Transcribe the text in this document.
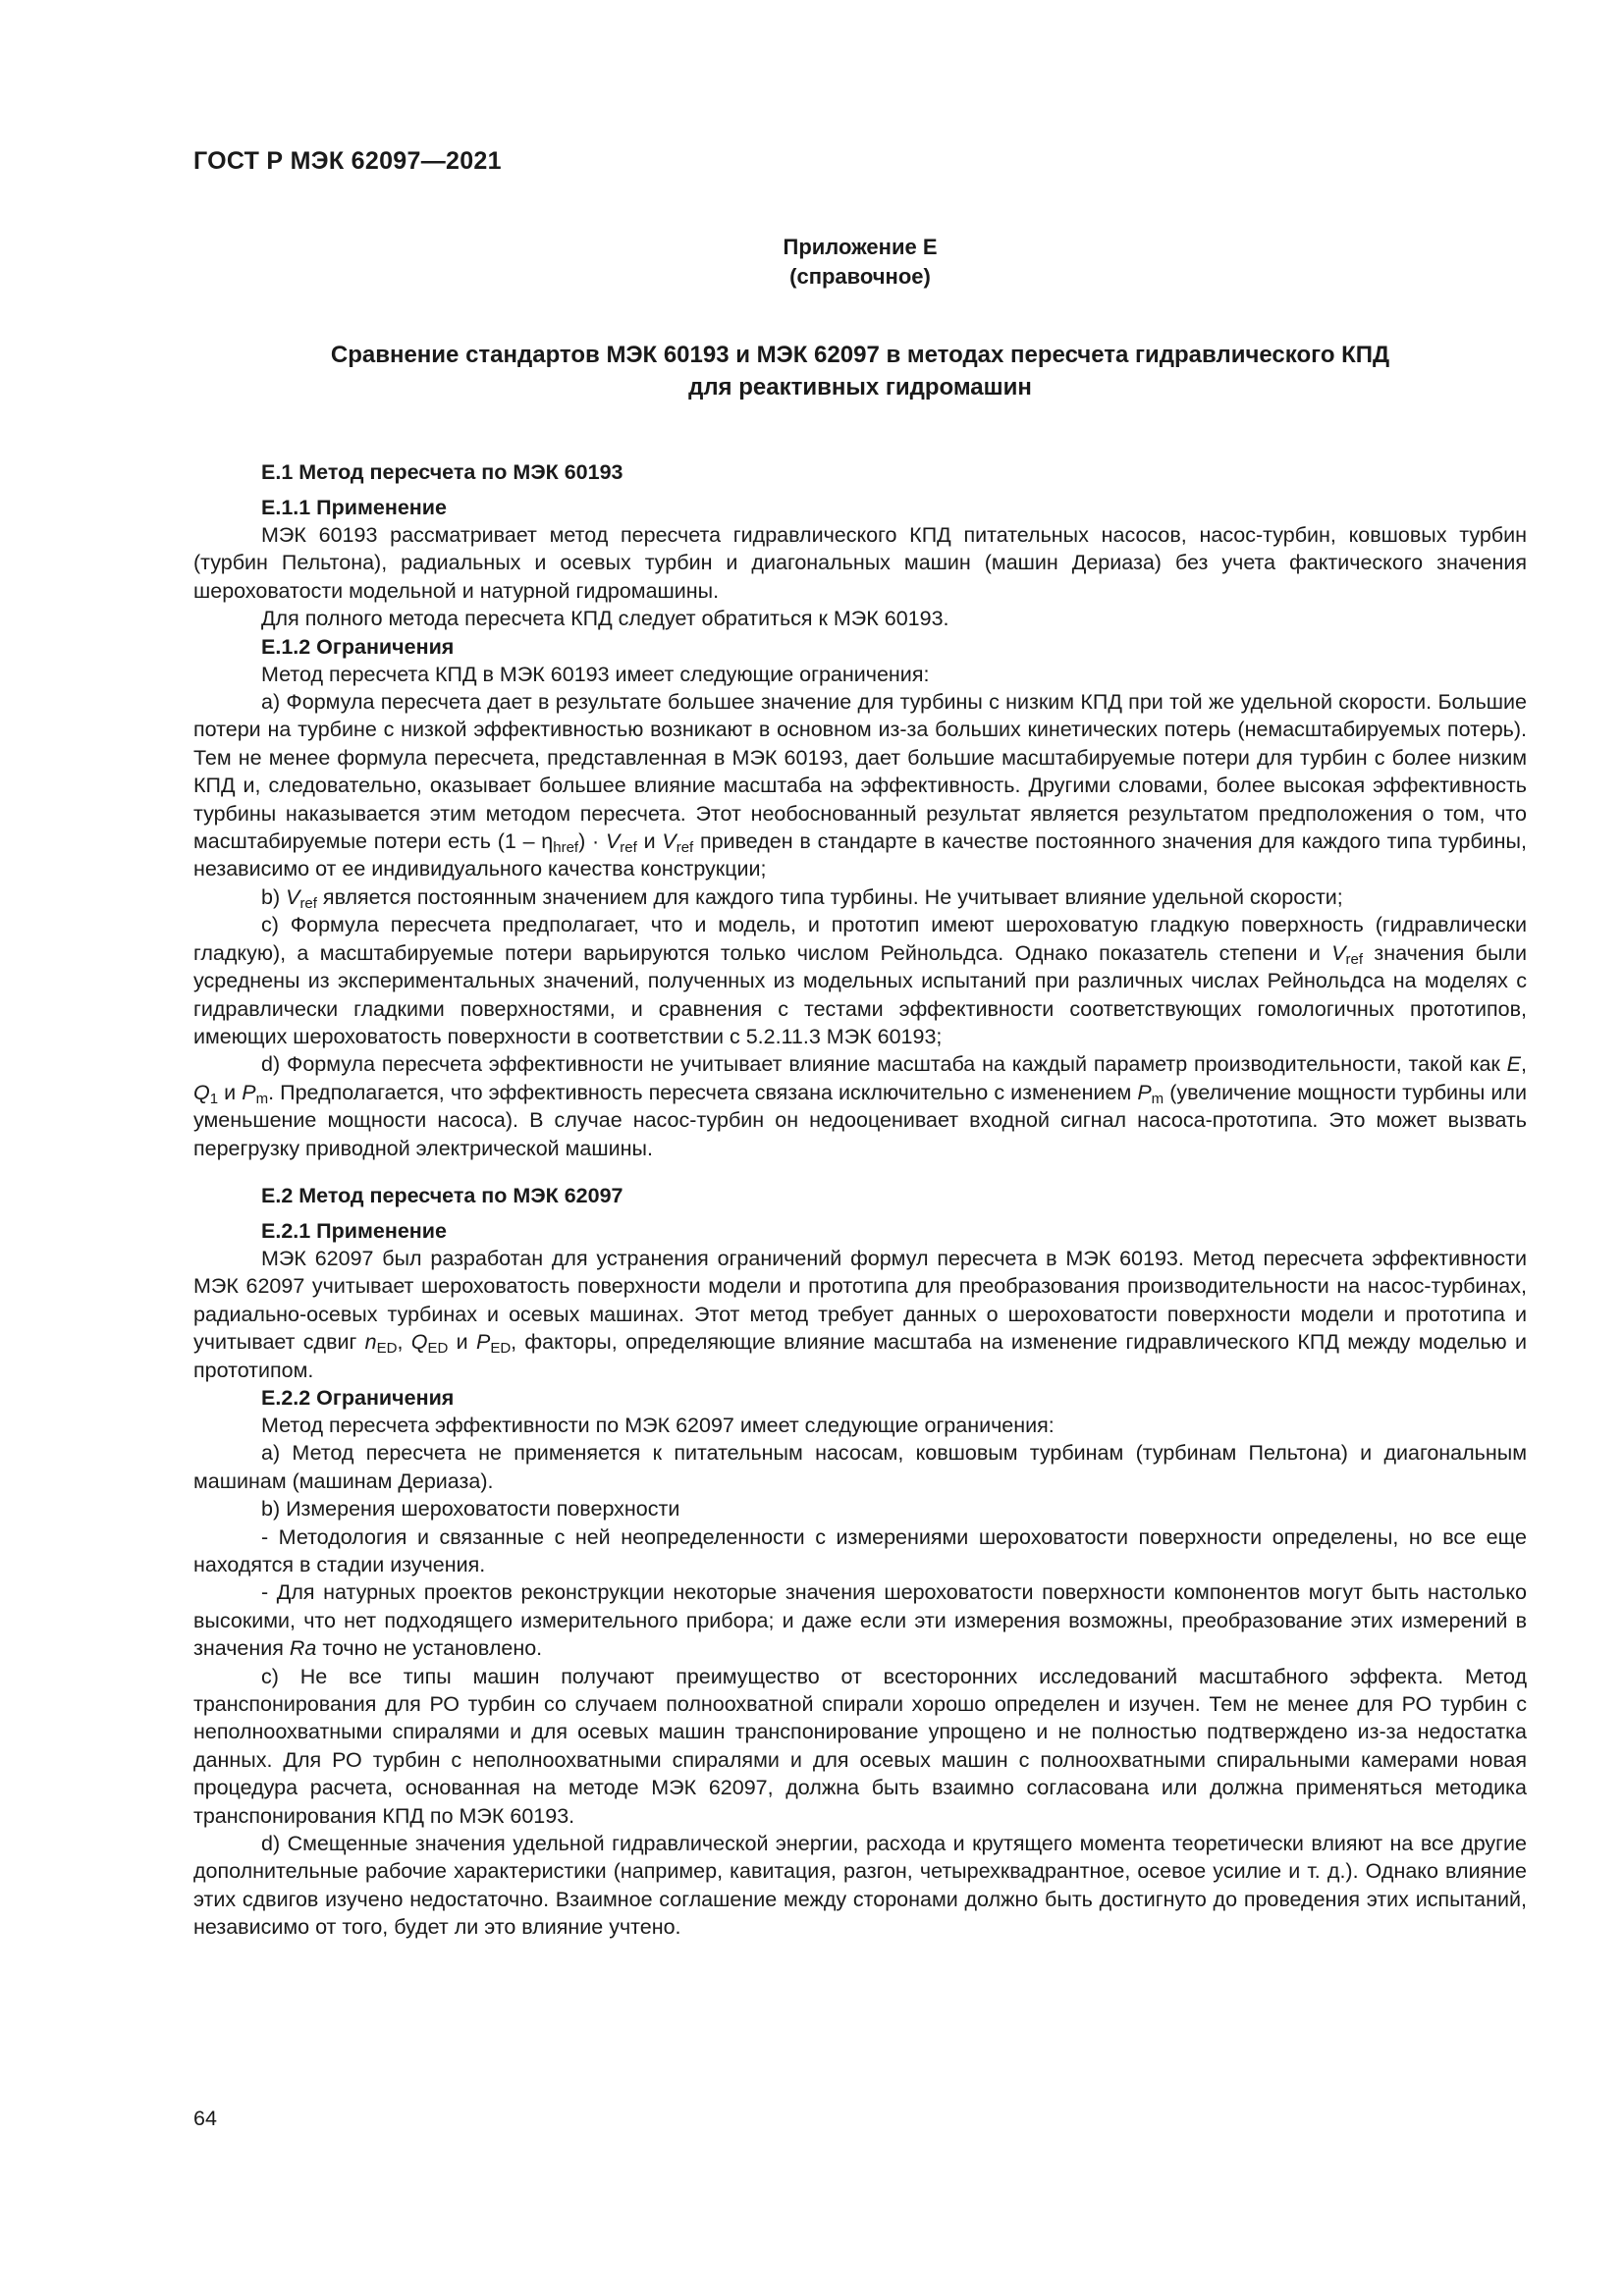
ГОСТ Р МЭК 62097—2021
Приложение Е
(справочное)
Сравнение стандартов МЭК 60193 и МЭК 62097 в методах пересчета гидравлического КПД
для реактивных гидромашин
Е.1 Метод пересчета по МЭК 60193
Е.1.1 Применение

МЭК 60193 рассматривает метод пересчета гидравлического КПД питательных насосов, насос-турбин, ковшовых турбин (турбин Пельтона), радиальных и осевых турбин и диагональных машин (машин Дериаза) без учета фактического значения шероховатости модельной и натурной гидромашины.

Для полного метода пересчета КПД следует обратиться к МЭК 60193.

Е.1.2 Ограничения

Метод пересчета КПД в МЭК 60193 имеет следующие ограничения:

a) Формула пересчета дает в результате большее значение для турбины с низким КПД при той же удельной скорости. Большие потери на турбине с низкой эффективностью возникают в основном из-за больших кинетических потерь (немасштабируемых потерь). Тем не менее формула пересчета, представленная в МЭК 60193, дает большие масштабируемые потери для турбин с более низким КПД и, следовательно, оказывает большее влияние масштаба на эффективность. Другими словами, более высокая эффективность турбины наказывается этим методом пересчета. Этот необоснованный результат является результатом предположения о том, что масштабируемые потери есть $(1 - \eta_{href}) \cdot V_{ref}$ и $V_{ref}$ приведен в стандарте в качестве постоянного значения для каждого типа турбины, независимо от ее индивидуального качества конструкции;

b) $V_{ref}$ является постоянным значением для каждого типа турбины. Не учитывает влияние удельной скорости;

c) Формула пересчета предполагает, что и модель, и прототип имеют шероховатую гладкую поверхность (гидравлически гладкую), а масштабируемые потери варьируются только числом Рейнольдса. Однако показатель степени и $V_{ref}$ значения были усреднены из экспериментальных значений, полученных из модельных испытаний при различных числах Рейнольдса на моделях с гидравлически гладкими поверхностями, и сравнения с тестами эффективности соответствующих гомологичных прототипов, имеющих шероховатость поверхности в соответствии с 5.2.11.3 МЭК 60193;

d) Формула пересчета эффективности не учитывает влияние масштаба на каждый параметр производительности, такой как E, $Q_1$ и $P_m$. Предполагается, что эффективность пересчета связана исключительно с изменением $P_m$ (увеличение мощности турбины или уменьшение мощности насоса). В случае насос-турбин он недооценивает входной сигнал насоса-прототипа. Это может вызвать перегрузку приводной электрической машины.

Е.2 Метод пересчета по МЭК 62097
Е.2.1 Применение

МЭК 62097 был разработан для устранения ограничений формул пересчета в МЭК 60193. Метод пересчета эффективности МЭК 62097 учитывает шероховатость поверхности модели и прототипа для преобразования производительности на насос-турбинах, радиально-осевых турбинах и осевых машинах. Этот метод требует данных о шероховатости поверхности модели и прототипа и учитывает сдвиг $n_{ED}$, $Q_{ED}$ и $P_{ED}$, факторы, определяющие влияние масштаба на изменение гидравлического КПД между моделью и прототипом.

Е.2.2 Ограничения

Метод пересчета эффективности по МЭК 62097 имеет следующие ограничения:

a) Метод пересчета не применяется к питательным насосам, ковшовым турбинам (турбинам Пельтона) и диагональным машинам (машинам Дериаза).

b) Измерения шероховатости поверхности

- Методология и связанные с ней неопределенности с измерениями шероховатости поверхности определены, но все еще находятся в стадии изучения.

- Для натурных проектов реконструкции некоторые значения шероховатости поверхности компонентов могут быть настолько высокими, что нет подходящего измерительного прибора; и даже если эти измерения возможны, преобразование этих измерений в значения Ra точно не установлено.

c) Не все типы машин получают преимущество от всесторонних исследований масштабного эффекта. Метод транспонирования для РО турбин со случаем полноохватной спирали хорошо определен и изучен. Тем не менее для РО турбин с неполноохватными спиралями и для осевых машин транспонирование упрощено и не полностью подтверждено из-за недостатка данных. Для РО турбин с неполноохватными спиралями и для осевых машин с полноохватными спиральными камерами новая процедура расчета, основанная на методе МЭК 62097, должна быть взаимно согласована или должна применяться методика транспонирования КПД по МЭК 60193.

d) Смещенные значения удельной гидравлической энергии, расхода и крутящего момента теоретически влияют на все другие дополнительные рабочие характеристики (например, кавитация, разгон, четырехквадрантное, осевое усилие и т. д.). Однако влияние этих сдвигов изучено недостаточно. Взаимное соглашение между сторонами должно быть достигнуто до проведения этих испытаний, независимо от того, будет ли это влияние учтено.

64
